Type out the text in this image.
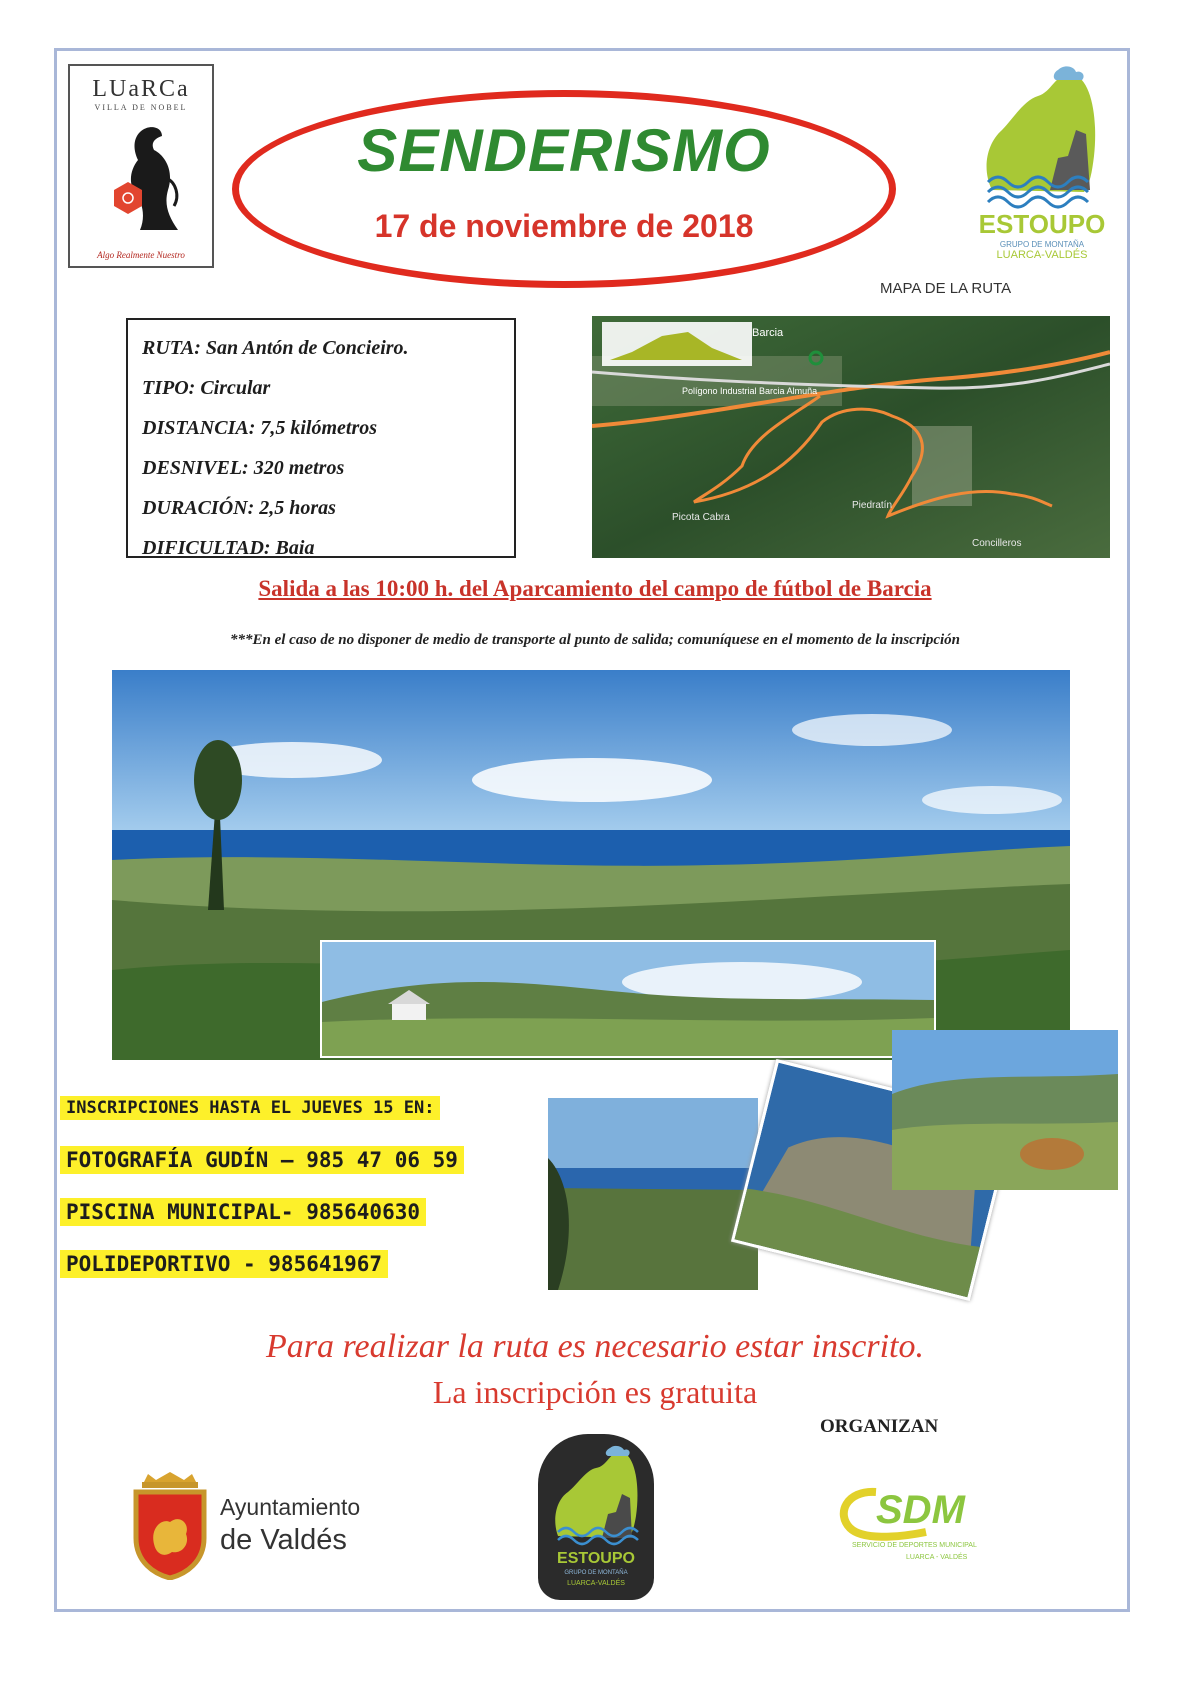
LUaRCa
VILLA DE NOBEL
Algo Realmente Nuestro
SENDERISMO
17 de noviembre de 2018	ESTOUPO
GRUPO DE MONTAÑA
LUARCA-VALDÉS
MAPA DE LA RUTA
RUTA: San Antón de Concieiro.
TIPO: Circular
DISTANCIA: 7,5 kilómetros
DESNIVEL: 320 metros
DURACIÓN: 2,5 horas
DIFICULTAD: Baia
Barcia
Polígono Industrial Barcia Almuña
Picota Cabra
Piedratín
Concilleros
Salida a las 10:00 h. del Aparcamiento del campo de fútbol de Barcia
***En el caso de no disponer de medio de transporte al punto de salida; comuníquese en el momento de la inscripción
INSCRIPCIONES HASTA EL JUEVES 15 EN:
FOTOGRAFÍA GUDÍN – 985 47 06 59
PISCINA MUNICIPAL- 985640630
POLIDEPORTIVO - 985641967
Para realizar la ruta es necesario estar inscrito.
La inscripción es gratuita
ORGANIZAN
Ayuntamiento
de Valdés
ESTOUPO
GRUPO DE MONTAÑA
LUARCA-VALDÉS
SDM
SERVICIO DE DEPORTES MUNICIPAL
LUARCA - VALDÉS
